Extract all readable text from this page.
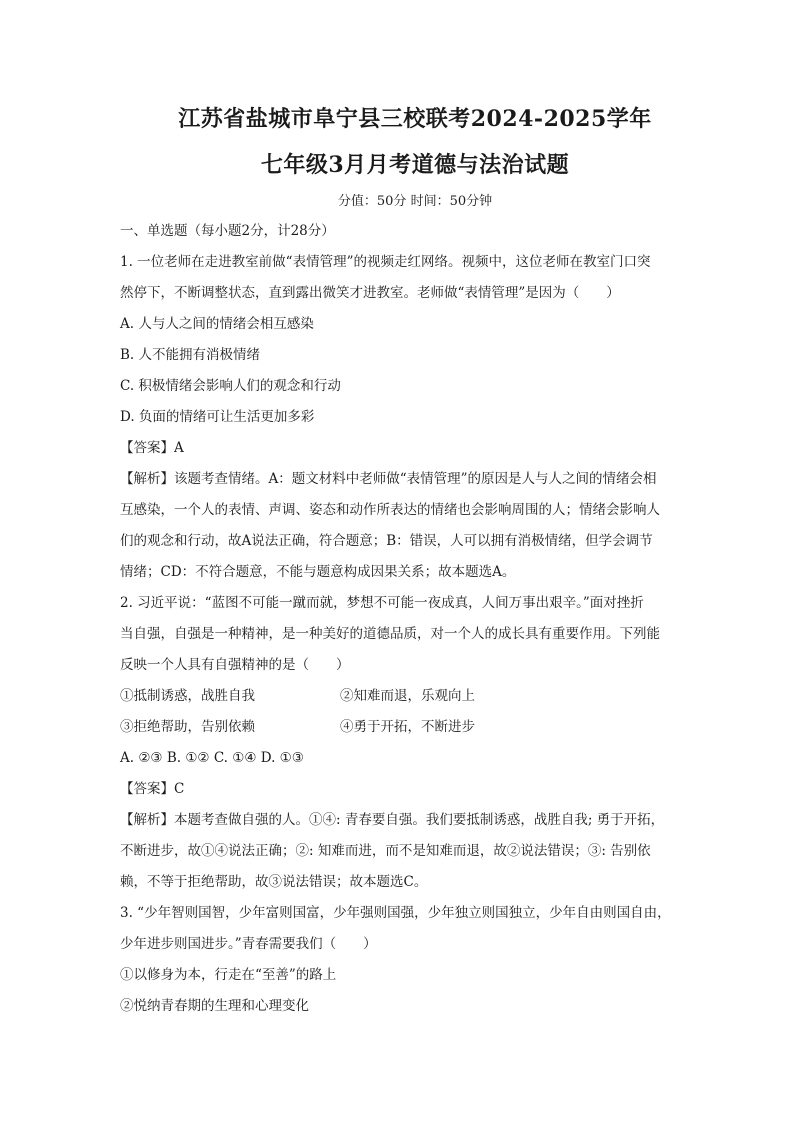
江苏省盐城市阜宁县三校联考2024-2025学年
七年级3月月考道德与法治试题
分值：50分 时间：50分钟

一、单选题（每小题2分，计28分）

1. 一位老师在走进教室前做“表情管理”的视频走红网络。视频中，这位老师在教室门口突

然停下，不断调整状态，直到露出微笑才进教室。老师做“表情管理”是因为（　　）

A. 人与人之间的情绪会相互感染

B. 人不能拥有消极情绪

C. 积极情绪会影响人们的观念和行动

D. 负面的情绪可让生活更加多彩

【答案】A

【解析】该题考查情绪。A：题文材料中老师做“表情管理”的原因是人与人之间的情绪会相

互感染，一个人的表情、声调、姿态和动作所表达的情绪也会影响周围的人；情绪会影响人

们的观念和行动，故A说法正确，符合题意；B：错误，人可以拥有消极情绪，但学会调节

情绪；CD：不符合题意，不能与题意构成因果关系；故本题选A。

2. 习近平说：“蓝图不可能一蹴而就，梦想不可能一夜成真，人间万事出艰辛。”面对挫折

当自强，自强是一种精神，是一种美好的道德品质，对一个人的成长具有重要作用。下列能

反映一个人具有自强精神的是（　　）

①抵制诱惑，战胜自我	②知难而退，乐观向上
③拒绝帮助，告别依赖	④勇于开拓，不断进步

A. ②③ B. ①② C. ①④ D. ①③

【答案】C

【解析】本题考查做自强的人。①④: 青春要自强。我们要抵制诱惑，战胜自我; 勇于开拓，

不断进步，故①④说法正确；②: 知难而进，而不是知难而退，故②说法错误；③: 告别依

赖，不等于拒绝帮助，故③说法错误；故本题选C。

3. “少年智则国智，少年富则国富，少年强则国强，少年独立则国独立，少年自由则国自由，

少年进步则国进步。”青春需要我们（　　）

①以修身为本，行走在“至善”的路上

②悦纳青春期的生理和心理变化
